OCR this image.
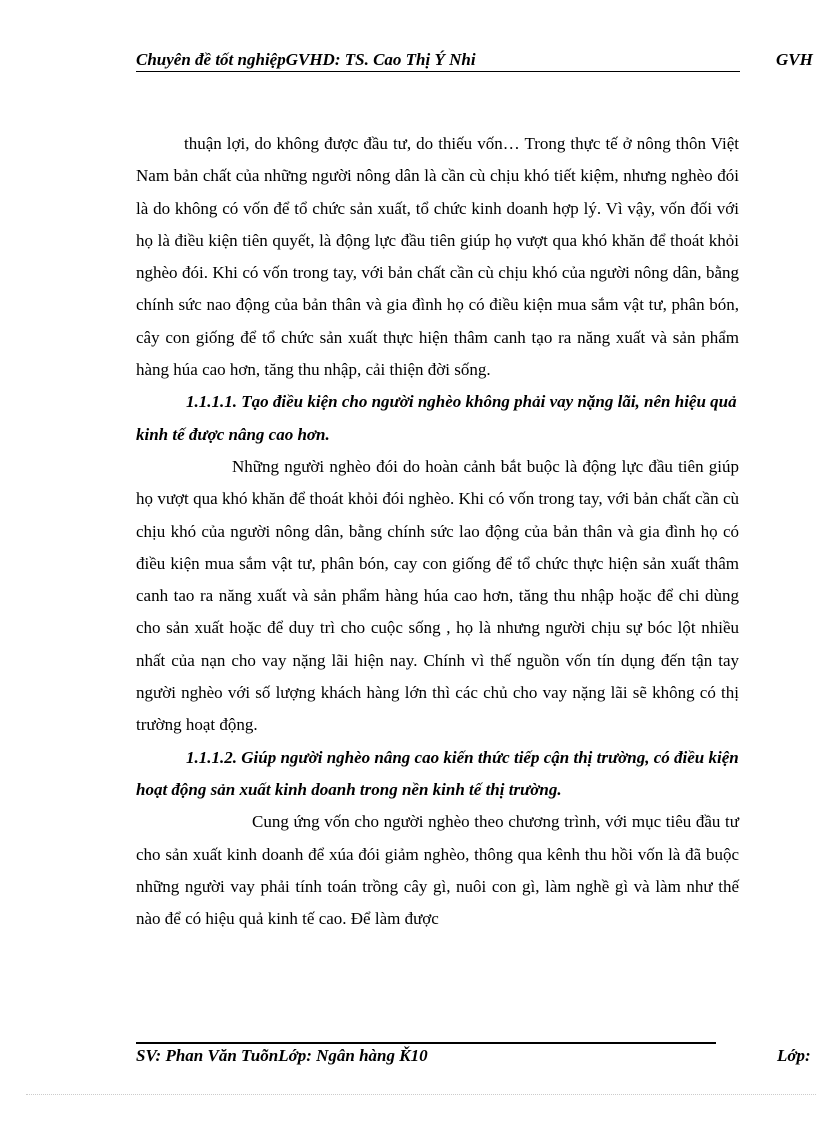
Chuyên đề tốt nghiệpGVHD: TS. Cao Thị Ý Nhi	GVH

thuận lợi, do không được đầu tư, do thiếu vốn… Trong thực tế ở nông thôn Việt Nam bản chất của những người nông dân là cần cù chịu khó tiết kiệm, nhưng nghèo đói là do không có vốn để tổ chức sản xuất, tổ chức kinh doanh hợp lý. Vì vậy, vốn đối với họ là điều kiện tiên quyết, là động lực đầu tiên giúp họ vượt qua khó khăn để thoát khỏi nghèo đói. Khi có vốn trong tay, với bản chất cần cù chịu khó của người nông dân, bằng chính sức nao động của bản thân và gia đình họ có điều kiện mua sắm vật tư, phân bón, cây con giống để tổ chức sản xuất thực hiện thâm canh tạo ra năng xuất và sản phẩm hàng húa cao hơn, tăng thu nhập, cải thiện đời sống.

1.1.1.1. Tạo điều kiện cho người nghèo không phải vay nặng lãi, nên hiệu quả kinh tế được nâng cao hơn.

Những người nghèo đói do hoàn cảnh bắt buộc là động lực đầu tiên giúp họ vượt qua khó khăn để thoát khỏi đói nghèo. Khi có vốn trong tay, với bản chất cần cù chịu khó của người nông dân, bằng chính sức lao động của bản thân và gia đình họ có điều kiện mua sắm vật tư, phân bón, cay con giống để tổ chức thực hiện sản xuất thâm canh tao ra năng xuất và sản phẩm hàng húa cao hơn, tăng thu nhập hoặc để chi dùng cho sản xuất hoặc để duy trì cho cuộc sống , họ là nhưng người chịu sự bóc lột nhiều nhất của nạn cho vay nặng lãi hiện nay. Chính vì thế nguồn vốn tín dụng đến tận tay người nghèo với số lượng khách hàng lớn thì các chủ cho vay nặng lãi sẽ không có thị trường hoạt động.

1.1.1.2. Giúp người nghèo nâng cao kiến thức tiếp cận thị trường, có điều kiện hoạt động sản xuất kinh doanh trong nền kinh tế thị trường.

Cung ứng vốn cho người nghèo theo chương trình, với mục tiêu đầu tư cho sản xuất kinh doanh để xúa đói giảm nghèo, thông qua kênh thu hồi vốn là đã buộc những người vay phải tính toán trồng cây gì, nuôi con gì, làm nghề gì và làm như thế nào để có hiệu quả kinh tế cao. Để làm được

SV: Phan Văn TuõnLớp: Ngân hàng Ǩ10	Lớp:
